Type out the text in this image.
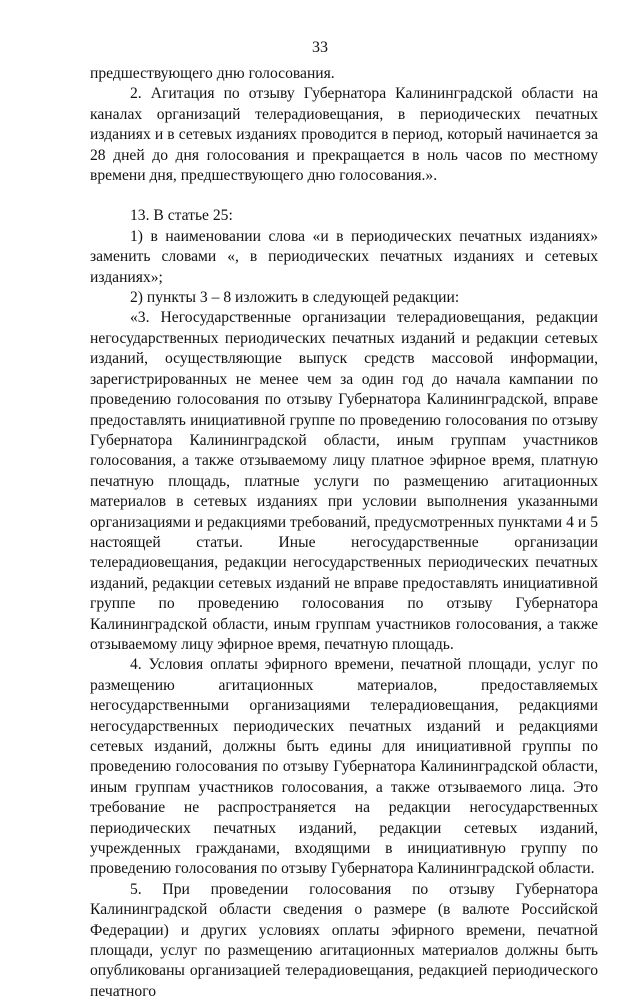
33

предшествующего дню голосования.

2. Агитация по отзыву Губернатора Калининградской области на каналах организаций телерадиовещания, в периодических печатных изданиях и в сетевых изданиях проводится в период, который начинается за 28 дней до дня голосования и прекращается в ноль часов по местному времени дня, предшествующего дню голосования.».

13. В статье 25:

1) в наименовании слова «и в периодических печатных изданиях» заменить словами «, в периодических печатных изданиях и сетевых изданиях»;

2) пункты 3 – 8 изложить в следующей редакции:

«3. Негосударственные организации телерадиовещания, редакции негосударственных периодических печатных изданий и редакции сетевых изданий, осуществляющие выпуск средств массовой информации, зарегистрированных не менее чем за один год до начала кампании по проведению голосования по отзыву Губернатора Калининградской, вправе предоставлять инициативной группе по проведению голосования по отзыву Губернатора Калининградской области, иным группам участников голосования, а также отзываемому лицу платное эфирное время, платную печатную площадь, платные услуги по размещению агитационных материалов в сетевых изданиях при условии выполнения указанными организациями и редакциями требований, предусмотренных пунктами 4 и 5 настоящей статьи. Иные негосударственные организации телерадиовещания, редакции негосударственных периодических печатных изданий, редакции сетевых изданий не вправе предоставлять инициативной группе по проведению голосования по отзыву Губернатора Калининградской области, иным группам участников голосования, а также отзываемому лицу эфирное время, печатную площадь.

4. Условия оплаты эфирного времени, печатной площади, услуг по размещению агитационных материалов, предоставляемых негосударственными организациями телерадиовещания, редакциями негосударственных периодических печатных изданий и редакциями сетевых изданий, должны быть едины для инициативной группы по проведению голосования по отзыву Губернатора Калининградской области, иным группам участников голосования, а также отзываемого лица. Это требование не распространяется на редакции негосударственных периодических печатных изданий, редакции сетевых изданий, учрежденных гражданами, входящими в инициативную группу по проведению голосования по отзыву Губернатора Калининградской области.

5. При проведении голосования по отзыву Губернатора Калининградской области сведения о размере (в валюте Российской Федерации) и других условиях оплаты эфирного времени, печатной площади, услуг по размещению агитационных материалов должны быть опубликованы организацией телерадиовещания, редакцией периодического печатного
